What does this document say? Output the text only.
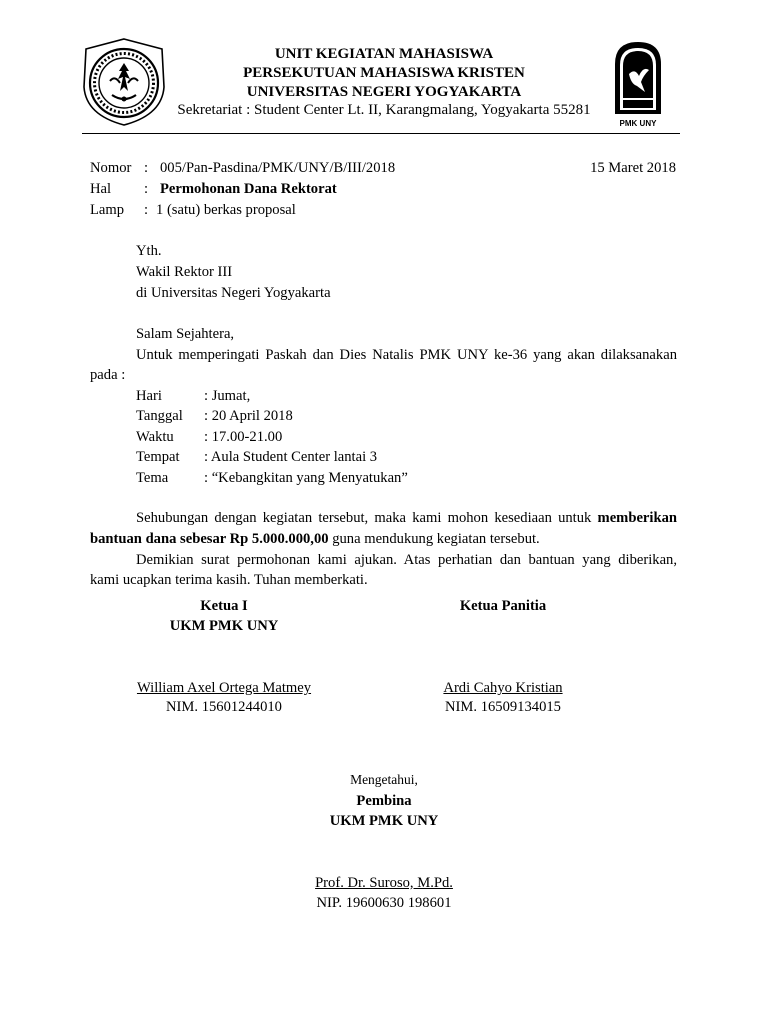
UNIT KEGIATAN MAHASISWA
PERSEKUTUAN MAHASISWA KRISTEN
UNIVERSITAS NEGERI YOGYAKARTA
Sekretariat : Student Center Lt. II, Karangmalang, Yogyakarta 55281
PMK UNY
Nomor : 005/Pan-Pasdina/PMK/UNY/B/III/2018	15 Maret 2018
Hal : Permohonan Dana Rektorat
Lamp : 1 (satu) berkas proposal
Yth.
Wakil Rektor III
di Universitas Negeri Yogyakarta
Salam Sejahtera,
Untuk memperingati Paskah dan Dies Natalis PMK UNY ke-36 yang akan dilaksanakan
pada :
Hari	: Jumat,
Tanggal : 20 April 2018
Waktu : 17.00-21.00
Tempat : Aula Student Center lantai 3
Tema : “Kebangkitan yang Menyatukan”
Sehubungan dengan kegiatan tersebut, maka kami mohon kesediaan untuk memberikan
bantuan dana sebesar Rp 5.000.000,00 guna mendukung kegiatan tersebut.
Demikian surat permohonan kami ajukan. Atas perhatian dan bantuan yang diberikan,
kami ucapkan terima kasih. Tuhan memberkati.
Ketua I
UKM PMK UNY
Ketua Panitia
William Axel Ortega Matmey
NIM. 15601244010
Ardi Cahyo Kristian
NIM. 16509134015
Mengetahui,
Pembina
UKM PMK UNY
Prof. Dr. Suroso, M.Pd.
NIP. 19600630 198601
